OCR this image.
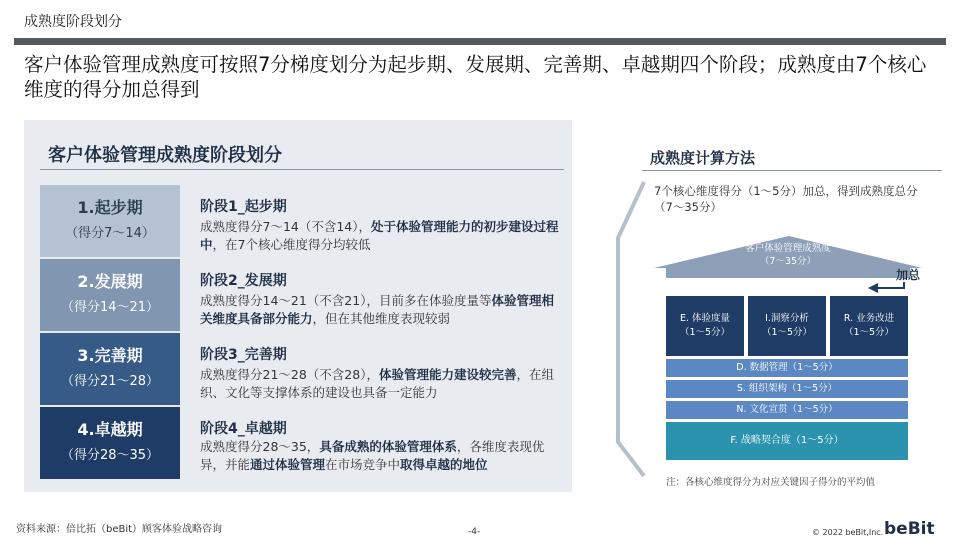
成熟度阶段划分
客户体验管理成熟度可按照7分梯度划分为起步期、发展期、完善期、卓越期四个阶段；成熟度由7个核心维度的得分加总得到
客户体验管理成熟度阶段划分
1.起步期
（得分7～14）
2.发展期
（得分14～21）
3.完善期
（得分21～28）
4.卓越期
（得分28～35）
阶段1_起步期
成熟度得分7～14（不含14），处于体验管理能力的初步建设过程中，在7个核心维度得分均较低
阶段2_发展期
成熟度得分14～21（不含21），目前多在体验度量等体验管理相关维度具备部分能力，但在其他维度表现较弱
阶段3_完善期
成熟度得分21～28（不含28），体验管理能力建设较完善，在组织、文化等支撑体系的建设也具备一定能力
阶段4_卓越期
成熟度得分28～35，具备成熟的体验管理体系，各维度表现优异，并能通过体验管理在市场竞争中取得卓越的地位
成熟度计算方法
7个核心维度得分（1～5分）加总，得到成熟度总分（7～35分）
客户体验管理成熟度
（7～35分）
加总
E. 体验度量
（1～5分）
I.洞察分析
（1～5分）
R. 业务改进
（1～5分）
D. 数据管理（1～5分）
S. 组织架构（1～5分）
N. 文化宣贯（1～5分）
F. 战略契合度（1～5分）
注：各核心维度得分为对应关键因子得分的平均值
资料来源：倍比拓（beBit）顾客体验战略咨询	-4-	© 2022 beBit,Inc. beBit
